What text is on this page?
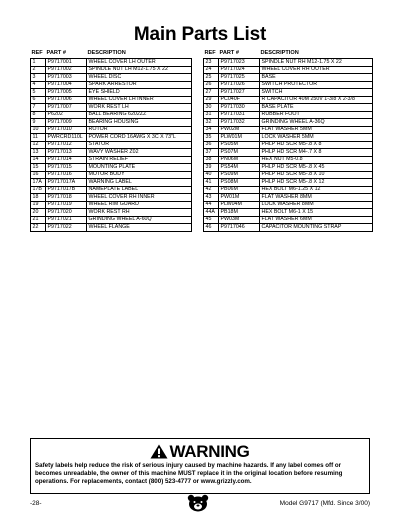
Main Parts List
REF	PART #	DESCRIPTION
1	P9717001	WHEEL COVER LH OUTER
2	P9717002	SPINDLE NUT LH M12-1.75 X 22
3	P9717003	WHEEL DISC
4	P9717004	SPARK ARRESTOR
5	P9717005	EYE SHIELD
6	P9717006	WHEEL COVER LH INNER
7	P9717007	WORK REST LH
8	P6202	BALL BEARING 6202ZZ
9	P9717009	BEARING HOUSING
10	P9717010	ROTOR
11	PWRCRD110L	POWER CORD 16AWG X 3C X 73"L
12	P9717012	STATOR
13	P9717013	WAVY WASHER Z02
14	P9717014	STRAIN RELIEF
15	P9717015	MOUNTING PLATE
16	P9717016	MOTOR BODY
17A	P9717017A	WARNING LABEL
17B	P9717017B	NAMEPLATE LABEL
18	P9717018	WHEEL COVER RH INNER
19	P9717019	WHEEL RIM GUARD
20	P9717020	WORK REST RH
21	P9717021	GRINDING WHEEL A-60Q
22	P9717022	WHEEL FLANGE
REF	PART #	DESCRIPTION
23	P9717023	SPINDLE NUT RH M12-1.75 X 22
24	P9717024	WHEEL COVER RH OUTER
25	P9717025	BASE
26	P9717026	SWITCH PROTECTOR
27	P9717027	SWITCH
29	PC040F	R CAPACITOR 40M 250V 1-3/8 X 2-3/8
30	P9717030	BASE PLATE
31	P9717031	RUBBER FOOT
32	P9717032	GRINDING WHEEL A-36Q
34	PW02M	FLAT WASHER 5MM
35	PLW01M	LOCK WASHER 5MM
36	PS05M	PHLP HD SCR M5-.8 X 8
37	PS07M	PHLP HD SCR M4-.7 X 8
38	PN06M	HEX NUT M5-0.8
39	PS54M	PHLP HD SCR M5-.8 X 45
40	PS09M	PHLP HD SCR M5-.8 X 10
41	PS08M	PHLP HD SCR M5-.8 X 12
42	PB06M	HEX BOLT M6-1.25 X 12
43	PW01M	FLAT WASHER 8MM
44	PLW04M	LOCK WASHER 8MM
44A	PB18M	HEX BOLT M6-1 X 15
45	PW03M	FLAT WASHER 6MM
46	P9717046	CAPACITOR MOUNTING STRAP
WARNING
Safety labels help reduce the risk of serious injury caused by machine hazards. If any label comes off or becomes unreadable, the owner of this machine MUST replace it in the original location before resuming operations. For replacements, contact (800) 523-4777 or www.grizzly.com.
-28-	Model G9717 (Mfd. Since 3/00)
